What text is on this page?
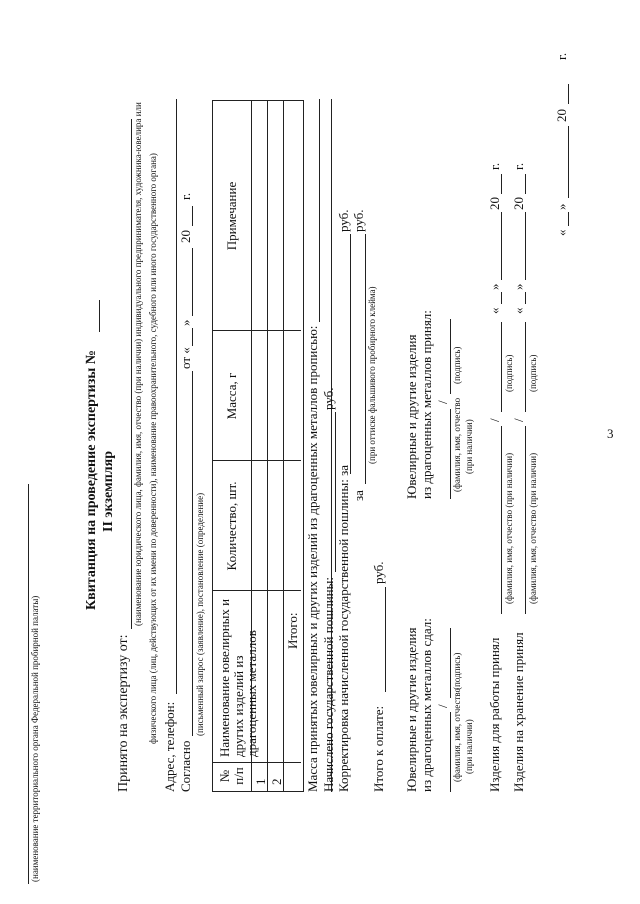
3
(наименование территориального органа Федеральной пробирной палаты)
Квитанция на проведение экспертизы № II экземпляр
Принято на экспертизу от:
(наименование юридического лица, фамилия, имя, отчество (при наличии) индивидуального предпринимателя, художника-ювелира или физического лица (лиц, действующих от их имени по доверенности), наименование правоохранительного, судебного или иного государственного органа)
Адрес, телефон: Согласно
от «
»
20
г.
(письменный запрос (заявление), постановление (определение)
№ п/п
Наименование ювелирных и других изделий из драгоценных металлов
Количество, шт.
Масса, г
Примечание
1 2
Итого: Масса принятых ювелирных и других изделий из драгоценных металлов прописью: Начислено государственной пошлины:
руб.
Корректировка начисленной государственной пошлины: за
руб.
за
руб.
(при оттиске фальшивого пробирного клейма)
Итого к оплате:
руб.
Ювелирные и другие изделия из драгоценных металлов сдал: / (фамилия, имя, отчество (при наличии)
(подпись)
Ювелирные и другие изделия из драгоценных металлов принял: / (фамилия, имя, отчество (при наличии)
(подпись)
Изделия для работы принял
/
(фамилия, имя, отчество (при наличии)
(подпись)
«
»
20
г.
Изделия на хранение принял
/
(фамилия, имя, отчество (при наличии)
(подпись)
«
»
20
г.
«
»
20
г.
